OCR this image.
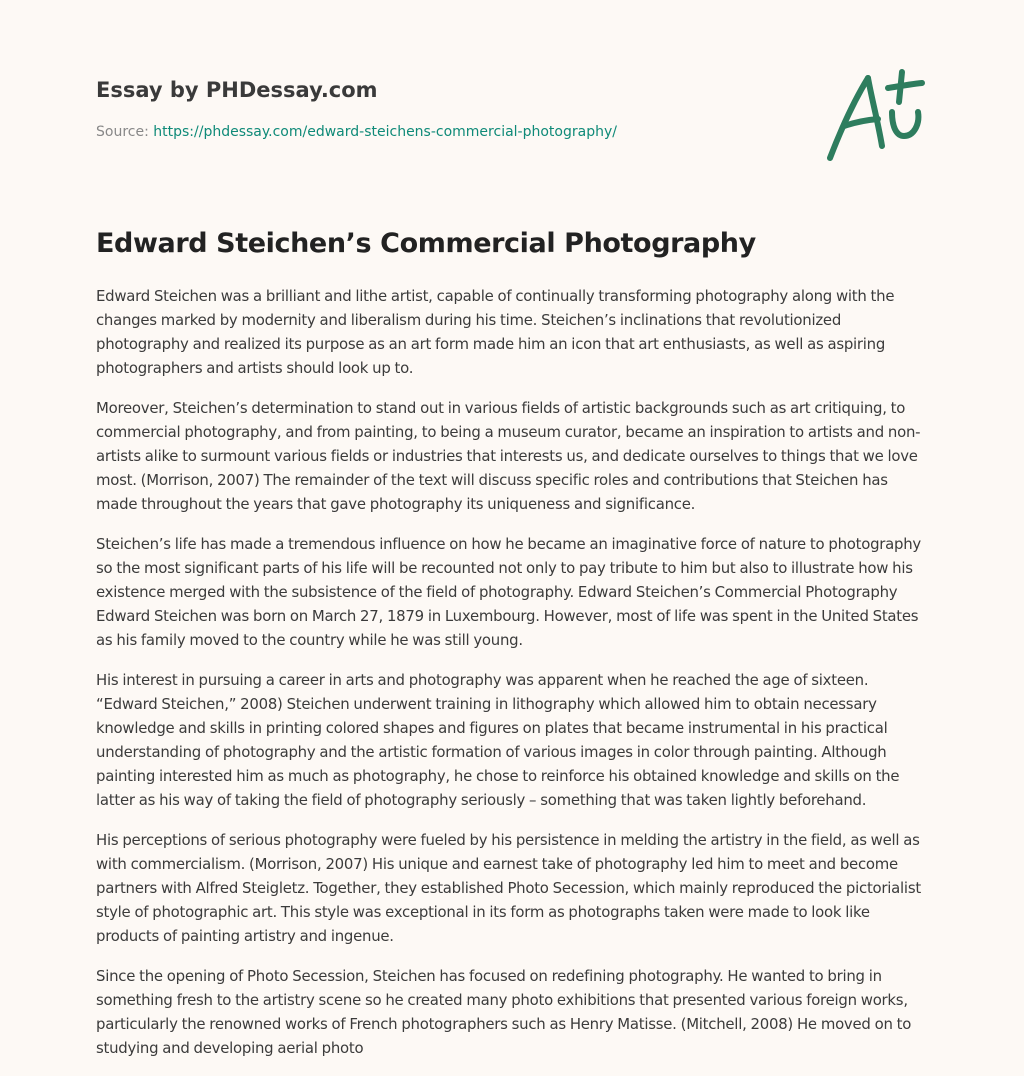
Essay by PHDessay.com
Source: https://phdessay.com/edward-steichens-commercial-photography/
Edward Steichen’s Commercial Photography

Edward Steichen was a brilliant and lithe artist, capable of continually transforming photography along with the changes marked by modernity and liberalism during his time. Steichen’s inclinations that revolutionized photography and realized its purpose as an art form made him an icon that art enthusiasts, as well as aspiring photographers and artists should look up to.

Moreover, Steichen’s determination to stand out in various fields of artistic backgrounds such as art critiquing, to commercial photography, and from painting, to being a museum curator, became an inspiration to artists and non-artists alike to surmount various fields or industries that interests us, and dedicate ourselves to things that we love most. (Morrison, 2007) The remainder of the text will discuss specific roles and contributions that Steichen has made throughout the years that gave photography its uniqueness and significance.

Steichen’s life has made a tremendous influence on how he became an imaginative force of nature to photography so the most significant parts of his life will be recounted not only to pay tribute to him but also to illustrate how his existence merged with the subsistence of the field of photography. Edward Steichen’s Commercial Photography Edward Steichen was born on March 27, 1879 in Luxembourg. However, most of life was spent in the United States as his family moved to the country while he was still young.

His interest in pursuing a career in arts and photography was apparent when he reached the age of sixteen. “Edward Steichen,” 2008) Steichen underwent training in lithography which allowed him to obtain necessary knowledge and skills in printing colored shapes and figures on plates that became instrumental in his practical understanding of photography and the artistic formation of various images in color through painting. Although painting interested him as much as photography, he chose to reinforce his obtained knowledge and skills on the latter as his way of taking the field of photography seriously – something that was taken lightly beforehand.

His perceptions of serious photography were fueled by his persistence in melding the artistry in the field, as well as with commercialism. (Morrison, 2007) His unique and earnest take of photography led him to meet and become partners with Alfred Steigletz. Together, they established Photo Secession, which mainly reproduced the pictorialist style of photographic art. This style was exceptional in its form as photographs taken were made to look like products of painting artistry and ingenue.

Since the opening of Photo Secession, Steichen has focused on redefining photography. He wanted to bring in something fresh to the artistry scene so he created many photo exhibitions that presented various foreign works, particularly the renowned works of French photographers such as Henry Matisse. (Mitchell, 2008) He moved on to studying and developing aerial photo
